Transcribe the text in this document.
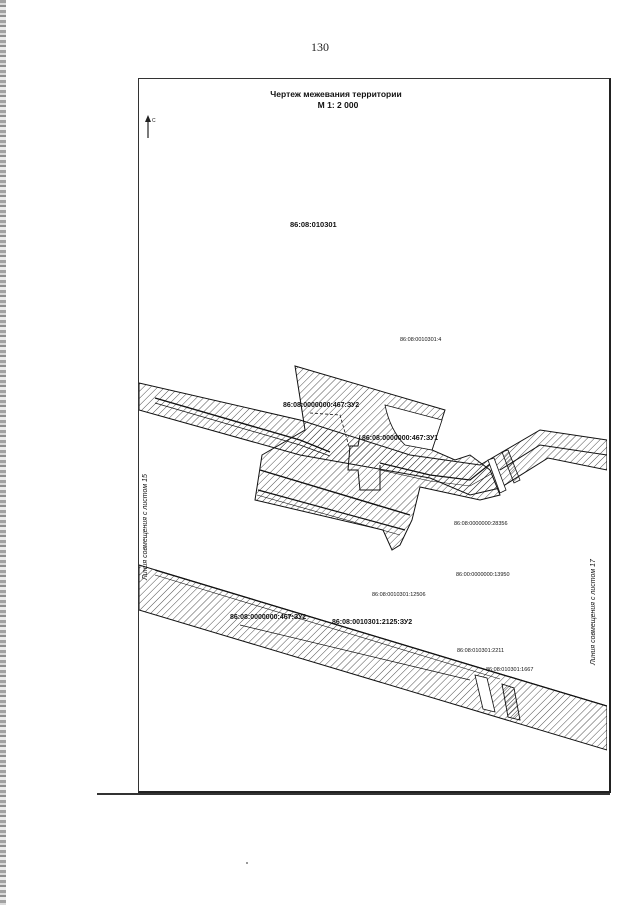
130
Чертеж межевания территории
М 1: 2 000
С
Линия совмещения с листом 15
Линия совмещения с листом 17
86:08:010301
86:08:0010301:4
86:08:0000000:467:ЗУ2
86:08:0000000:467:ЗУ1
86:08:0000000:28356
86:00:0000000:13950
86:08:0010301:12506
86:08:0000000:467:ЗУ2
86:08:0010301:2125:ЗУ2
86:08:010301:2211
86:08:010301:1667
